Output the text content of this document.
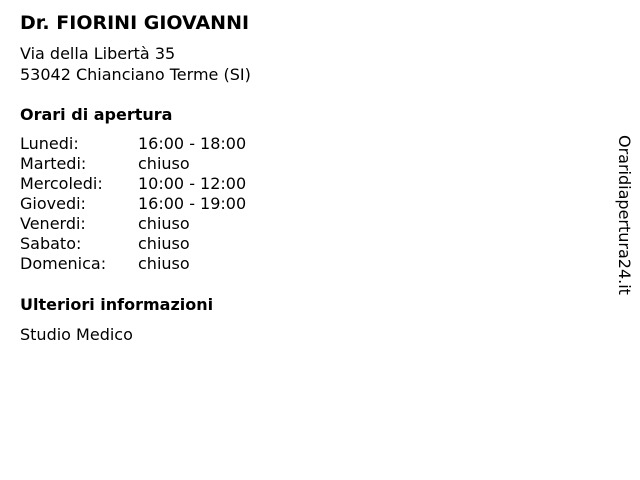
Dr. FIORINI GIOVANNI
Via della Libertà 35
53042 Chianciano Terme (SI)
Orari di apertura
Lunedi:	16:00 - 18:00
Martedi:	chiuso
Mercoledi:	10:00 - 12:00
Giovedi:	16:00 - 19:00
Venerdi:	chiuso
Sabato:	chiuso
Domenica:	chiuso
Ulteriori informazioni
Studio Medico
Oraridiapertura24.it
